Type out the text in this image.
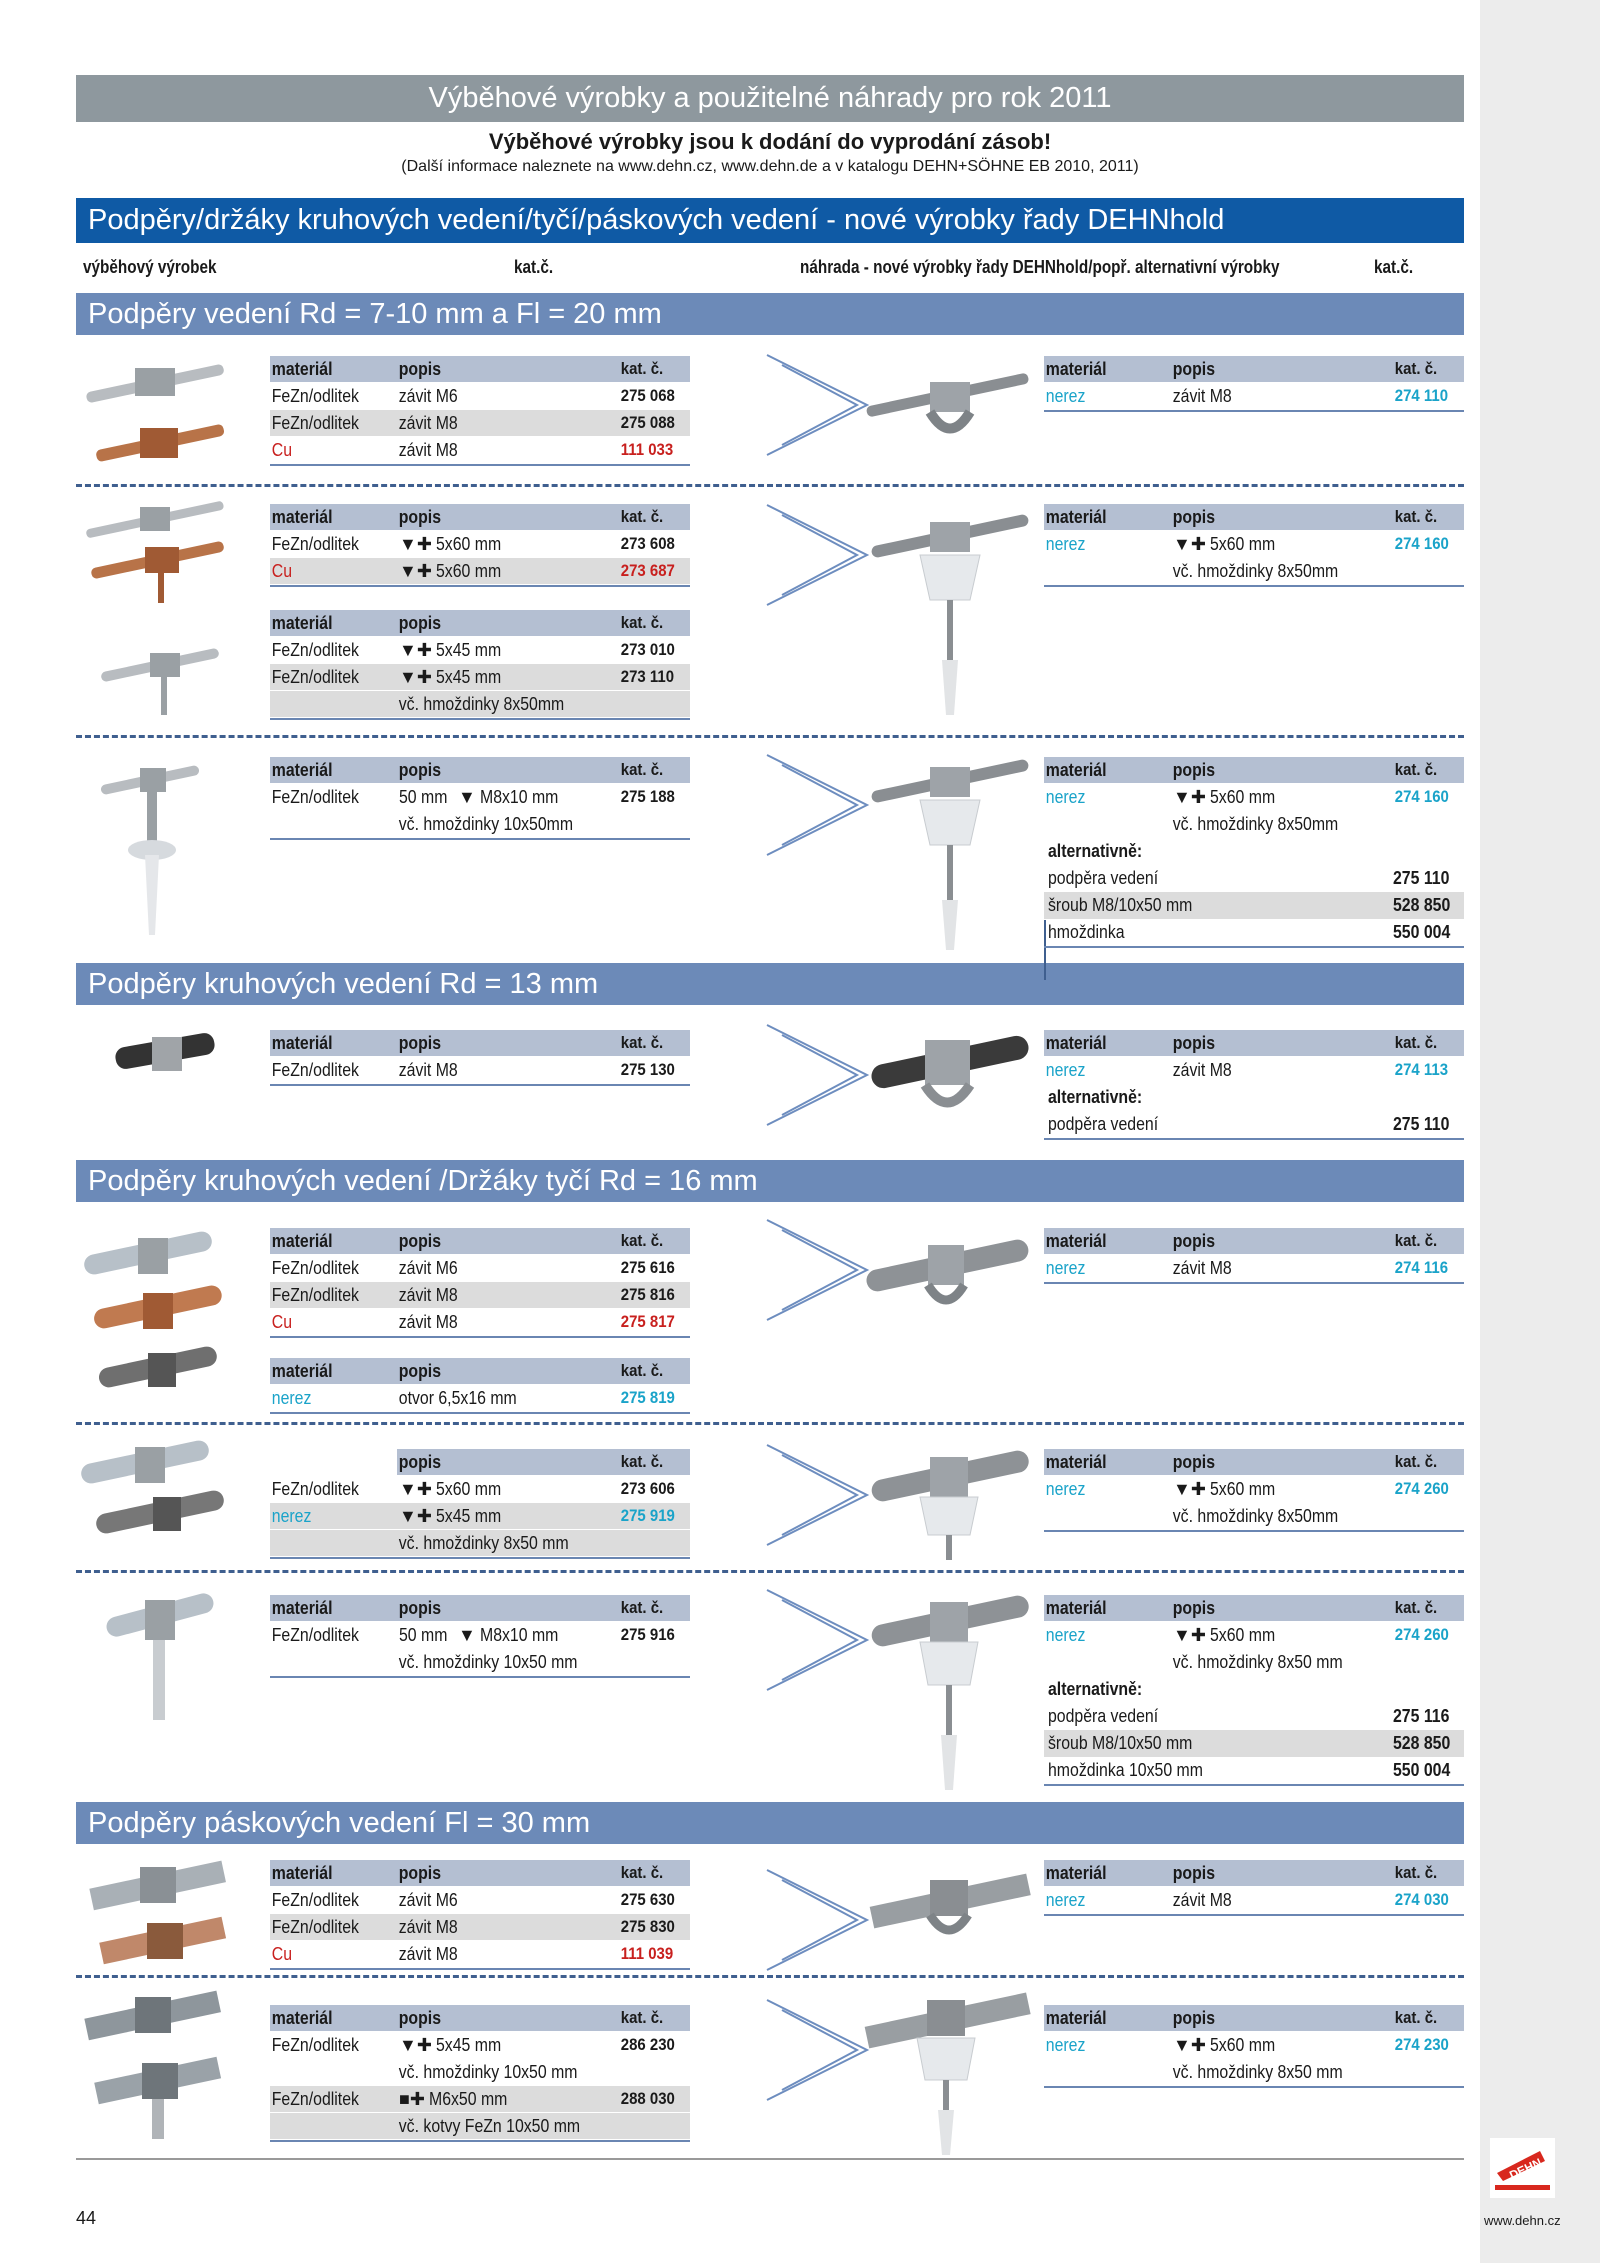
Výběhové výrobky a použitelné náhrady pro rok 2011
Výběhové výrobky jsou k dodání do vyprodání zásob!
(Další informace naleznete na www.dehn.cz, www.dehn.de a v katalogu DEHN+SÖHNE EB 2010, 2011)
Podpěry/držáky kruhových vedení/tyčí/páskových vedení - nové výrobky řady DEHNhold
výběhový výrobek	kat.č.	náhrada - nové výrobky řady DEHNhold/popř. alternativní výrobky	kat.č.
Podpěry vedení Rd = 7-10 mm a Fl = 20 mm
Podpěry kruhových vedení Rd = 13 mm
Podpěry kruhových vedení /Držáky tyčí Rd = 16 mm
Podpěry páskových vedení Fl = 30 mm
materiál	popis	kat. č.
FeZn/odlitek	závit M6	275 068
FeZn/odlitek	závit M8	275 088
Cu	závit M8	111 033
materiál	popis	kat. č.
nerez	závit M8	274 110
materiál	popis	kat. č.
FeZn/odlitek	▼✚ 5x60 mm	273 608
Cu	▼✚ 5x60 mm	273 687
materiál	popis	kat. č.
nerez	▼✚ 5x60 mm	274 160
vč. hmoždinky 8x50mm
materiál	popis	kat. č.
FeZn/odlitek	▼✚ 5x45 mm	273 010
FeZn/odlitek	▼✚ 5x45 mm	273 110
vč. hmoždinky 8x50mm
materiál	popis	kat. č.
FeZn/odlitek	50 mm ▼ M8x10 mm	275 188
vč. hmoždinky 10x50mm
materiál	popis	kat. č.
nerez	▼✚ 5x60 mm	274 160
vč. hmoždinky 8x50mm
alternativně:
podpěra vedení	275 110
šroub M8/10x50 mm	528 850
hmoždinka	550 004
materiál	popis	kat. č.
FeZn/odlitek	závit M8	275 130
materiál	popis	kat. č.
nerez	závit M8	274 113
alternativně:
podpěra vedení	275 110
materiál	popis	kat. č.
FeZn/odlitek	závit M6	275 616
FeZn/odlitek	závit M8	275 816
Cu	závit M8	275 817
materiál	popis	kat. č.
nerez	závit M8	274 116
materiál	popis	kat. č.
nerez	otvor 6,5x16 mm	275 819
popis	kat. č.
FeZn/odlitek	▼✚ 5x60 mm	273 606
nerez	▼✚ 5x45 mm	275 919
vč. hmoždinky 8x50 mm
materiál	popis	kat. č.
nerez	▼✚ 5x60 mm	274 260
vč. hmoždinky 8x50mm
materiál	popis	kat. č.
FeZn/odlitek	50 mm ▼ M8x10 mm	275 916
vč. hmoždinky 10x50 mm
materiál	popis	kat. č.
nerez	▼✚ 5x60 mm	274 260
vč. hmoždinky 8x50 mm
alternativně:
podpěra vedení	275 116
šroub M8/10x50 mm	528 850
hmoždinka 10x50 mm	550 004
materiál	popis	kat. č.
FeZn/odlitek	závit M6	275 630
FeZn/odlitek	závit M8	275 830
Cu	závit M8	111 039
materiál	popis	kat. č.
nerez	závit M8	274 030
materiál	popis	kat. č.
FeZn/odlitek	▼✚ 5x45 mm	286 230
vč. hmoždinky 10x50 mm
FeZn/odlitek	■✚ M6x50 mm	288 030
vč. kotvy FeZn 10x50 mm
materiál	popis	kat. č.
nerez	▼✚ 5x60 mm	274 230
vč. hmoždinky 8x50 mm
44
DEHN
www.dehn.cz
